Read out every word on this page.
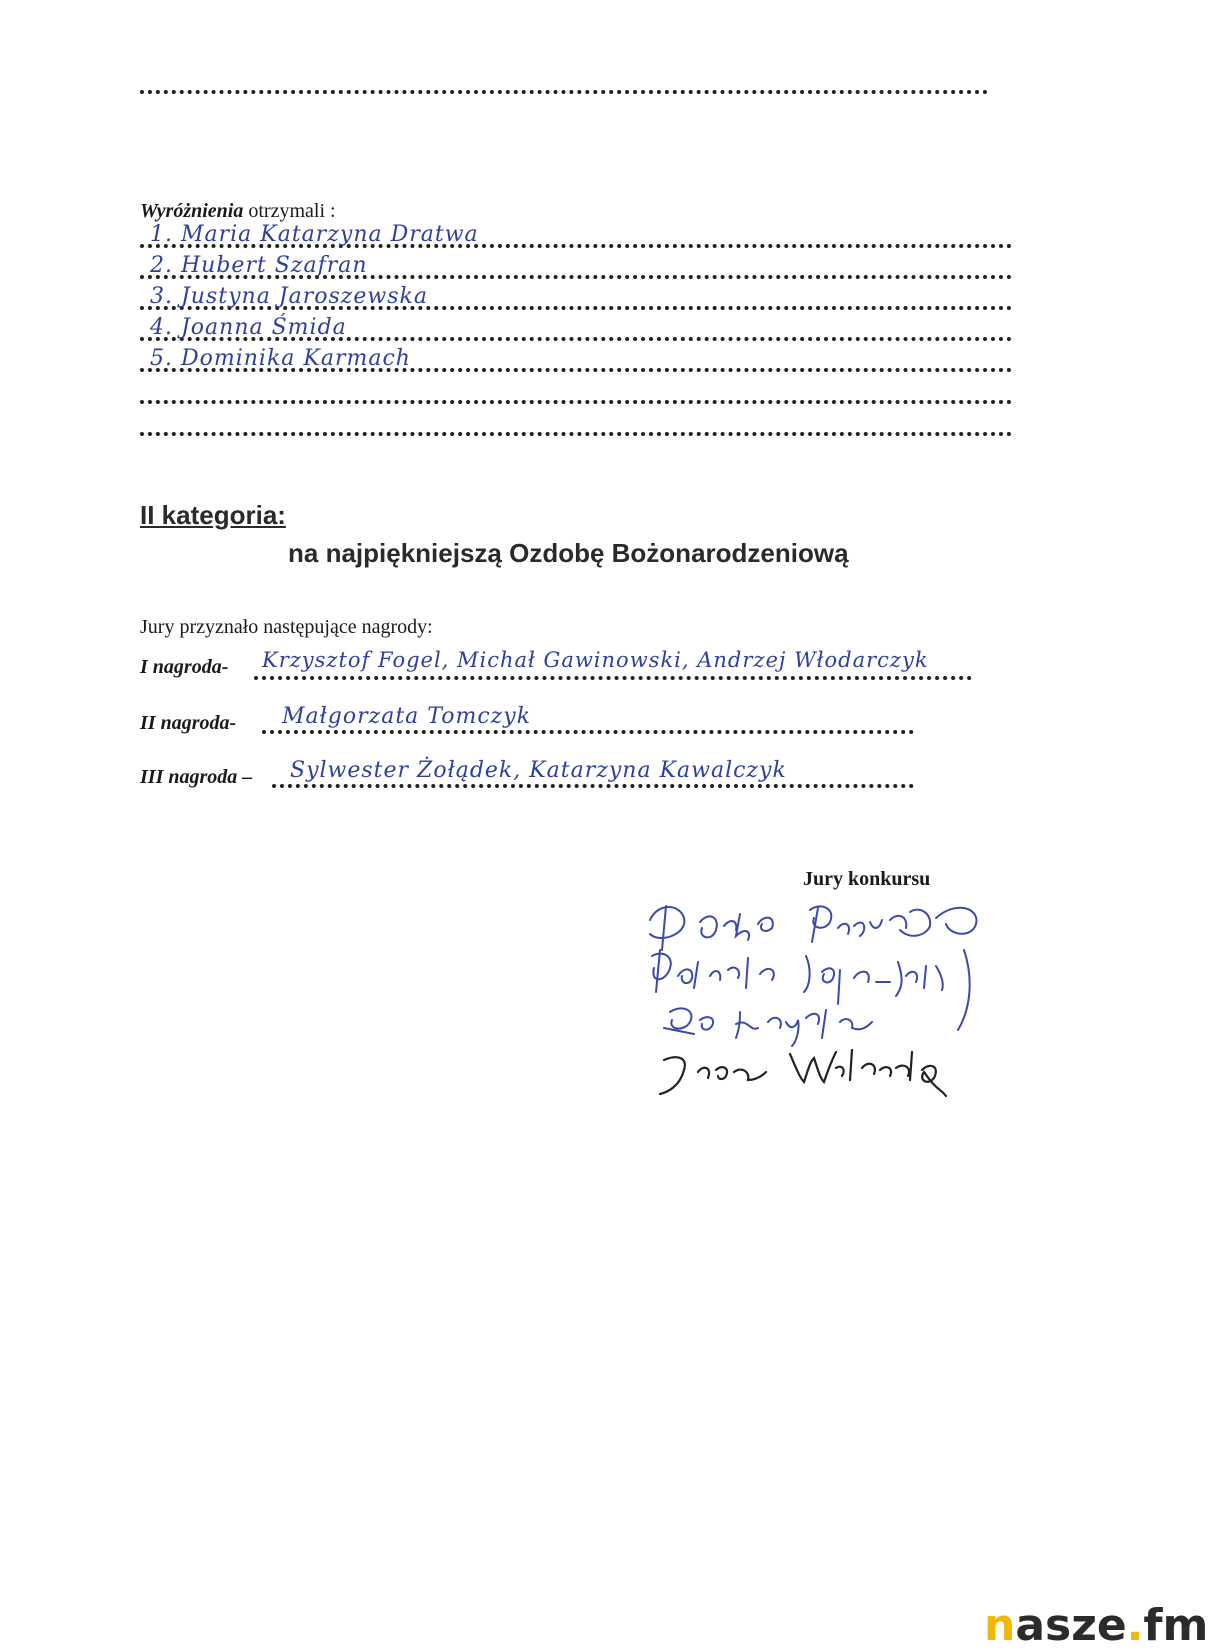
Wyróżnienia otrzymali :
1. Maria Katarzyna Dratwa
2. Hubert Szafran
3. Justyna Jaroszewska
4. Joanna Śmida
5. Dominika Karmach
II kategoria:
na najpiękniejszą Ozdobę Bożonarodzeniową
Jury przyznało następujące nagrody:
I nagroda- Krzysztof Fogel, Michał Gawinowski, Andrzej Włodarczyk
II nagroda- Małgorzata Tomczyk
III nagroda – Sylwester Żołądek, Katarzyna Kawalczyk
Jury konkursu
nasze.fm
